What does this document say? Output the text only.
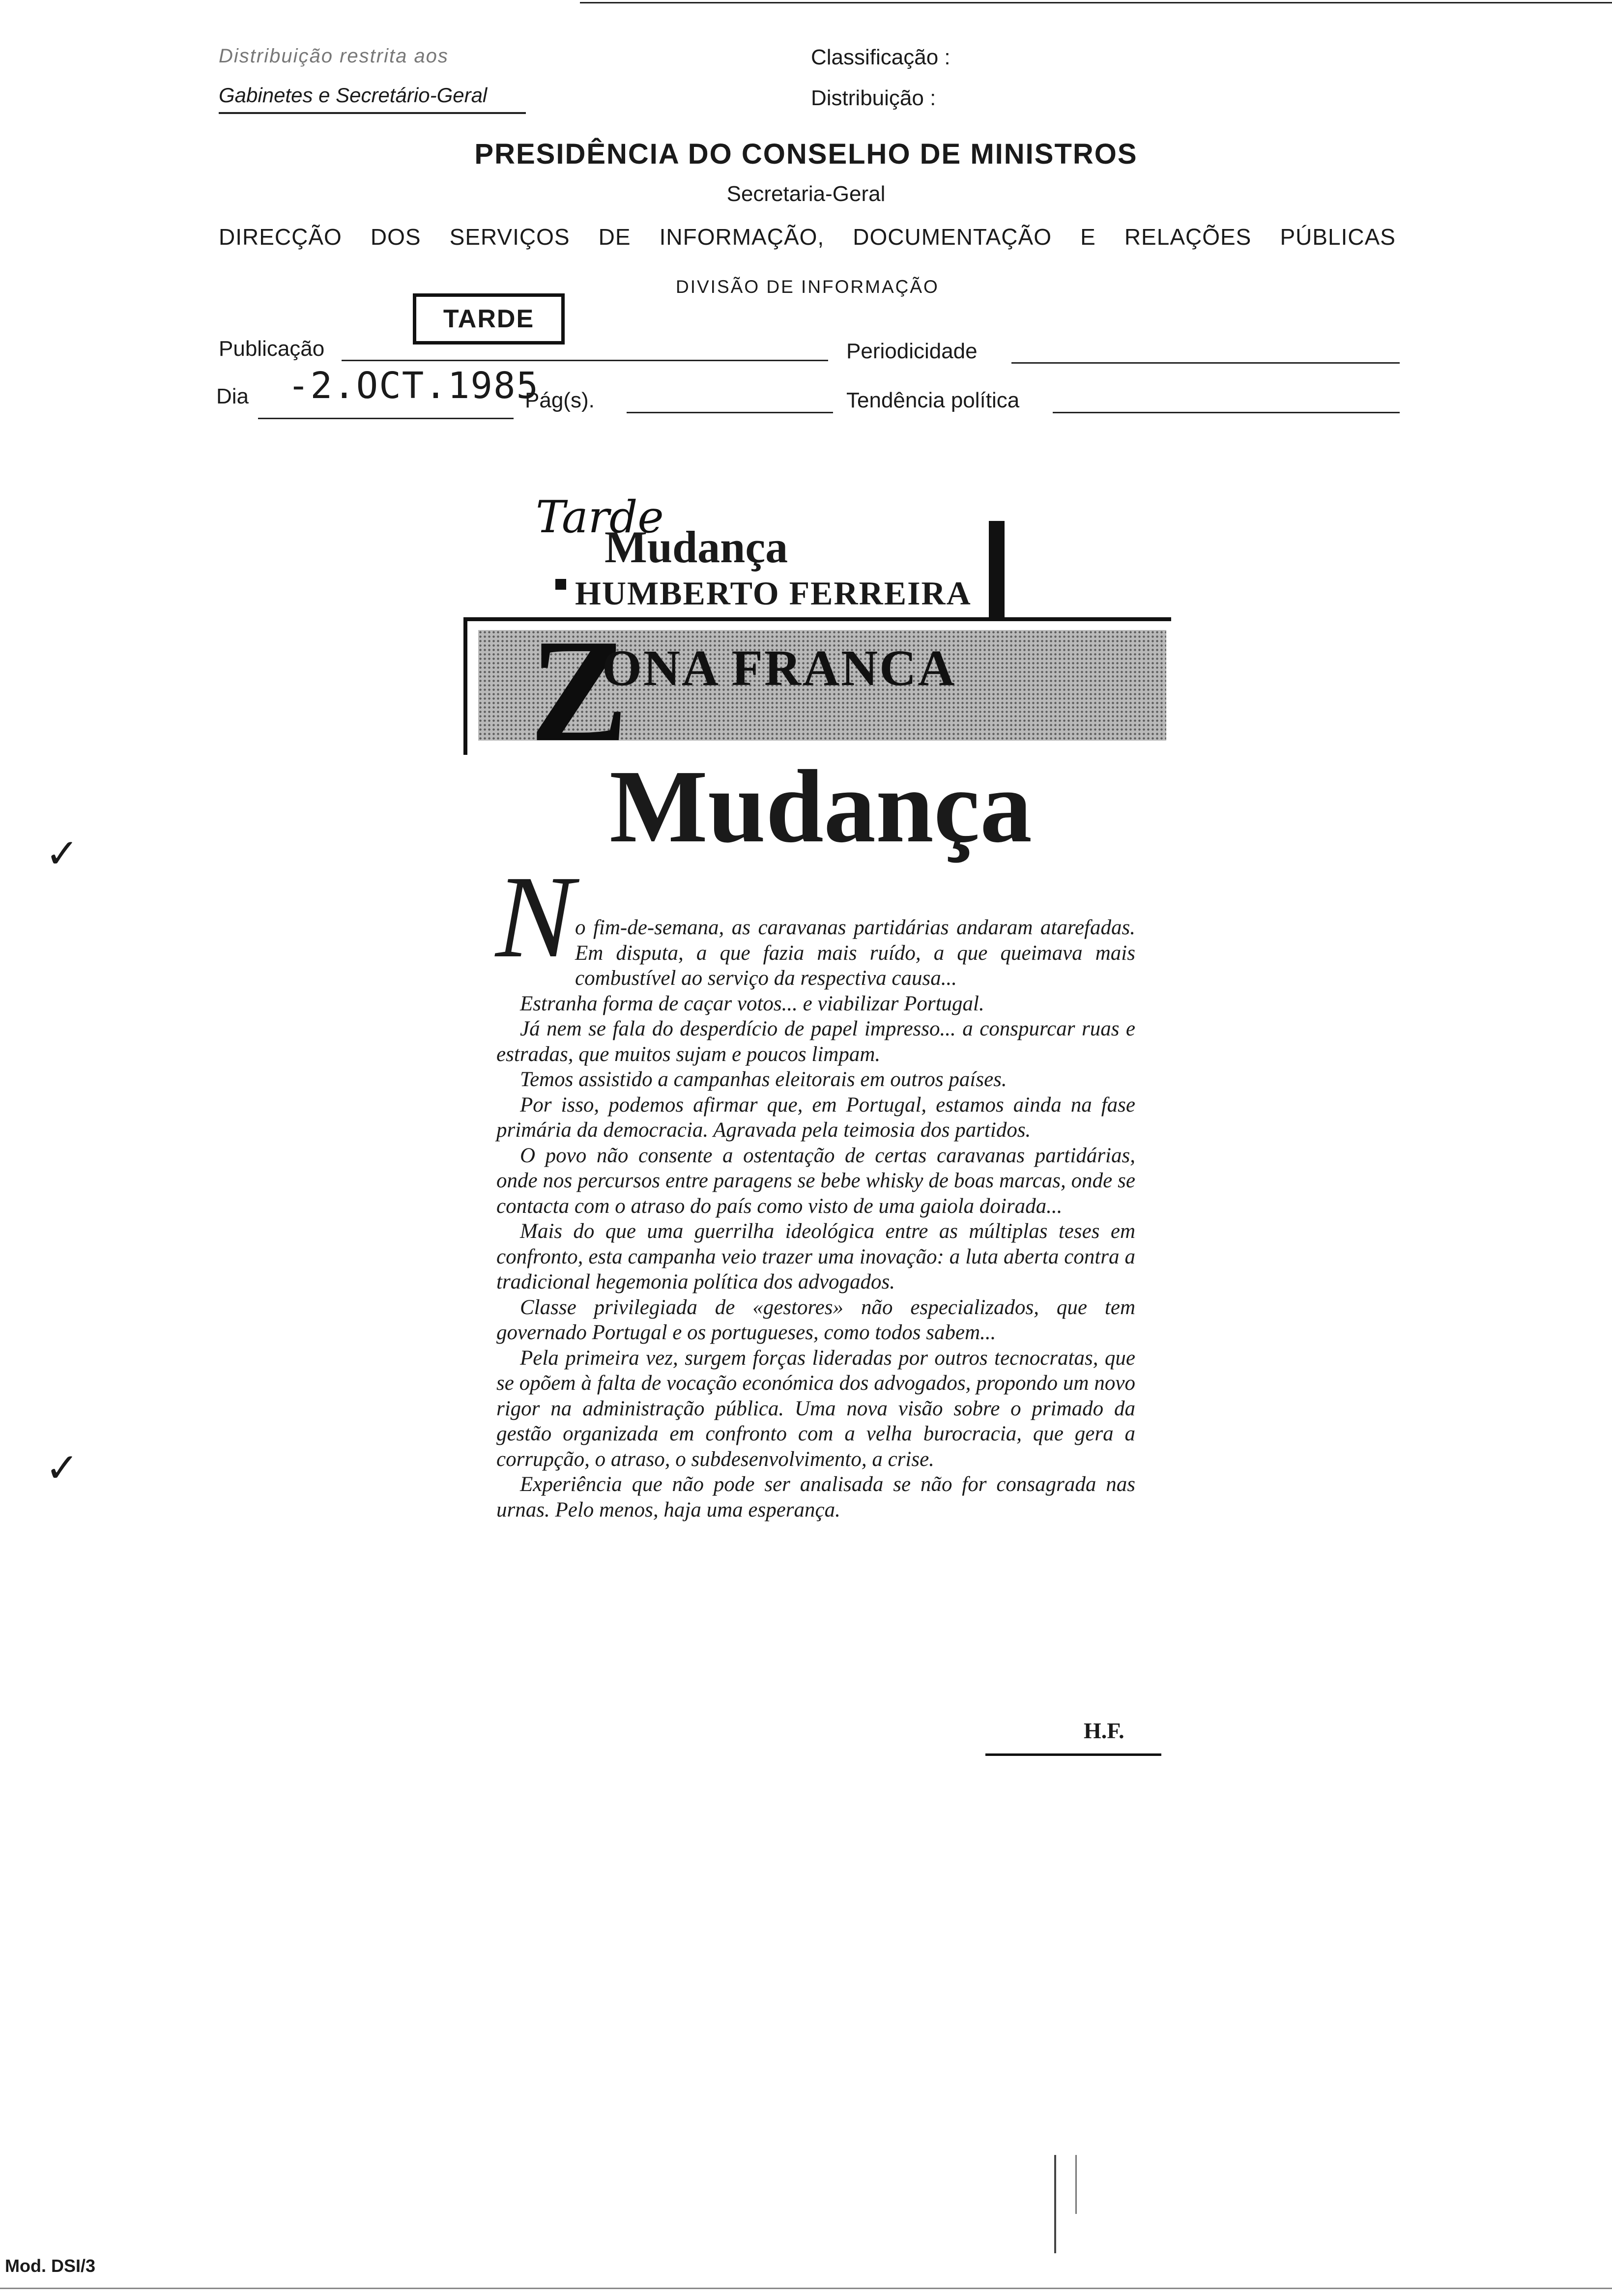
Distribuição restrita aos
Gabinetes e Secretário-Geral
Classificação :
Distribuição :
PRESIDÊNCIA DO CONSELHO DE MINISTROS
Secretaria-Geral
DIRECÇÃO DOS SERVIÇOS DE INFORMAÇÃO, DOCUMENTAÇÃO E RELAÇÕES PÚBLICAS
DIVISÃO DE INFORMAÇÃO
TARDE
Publicação	Periodicidade
Dia -2.OCT.1985
Pág(s).	Tendência política
Tarde
Mudança
HUMBERTO FERREIRA
Z
ONA FRANCA
Mudança
N o fim-de-semana, as caravanas partidárias andaram atarefadas. Em disputa, a que fazia mais ruído, a que queimava mais combustível ao serviço da respectiva causa...

Estranha forma de caçar votos... e viabilizar Portugal.

Já nem se fala do desperdício de papel impresso... a conspurcar ruas e estradas, que muitos sujam e poucos limpam.

Temos assistido a campanhas eleitorais em outros países.

Por isso, podemos afirmar que, em Portugal, estamos ainda na fase primária da democracia. Agravada pela teimosia dos partidos.

O povo não consente a ostentação de certas caravanas partidárias, onde nos percursos entre paragens se bebe whisky de boas marcas, onde se contacta com o atraso do país como visto de uma gaiola doirada...

Mais do que uma guerrilha ideológica entre as múltiplas teses em confronto, esta campanha veio trazer uma inovação: a luta aberta contra a tradicional hegemonia política dos advogados.

Classe privilegiada de «gestores» não especializados, que tem governado Portugal e os portugueses, como todos sabem...

Pela primeira vez, surgem forças lideradas por outros tecnocratas, que se opõem à falta de vocação económica dos advogados, propondo um novo rigor na administração pública. Uma nova visão sobre o primado da gestão organizada em confronto com a velha burocracia, que gera a corrupção, o atraso, o subdesenvolvimento, a crise.

Experiência que não pode ser analisada se não for consagrada nas urnas. Pelo menos, haja uma esperança.

H.F.
✓
✓
Mod. DSI/3
